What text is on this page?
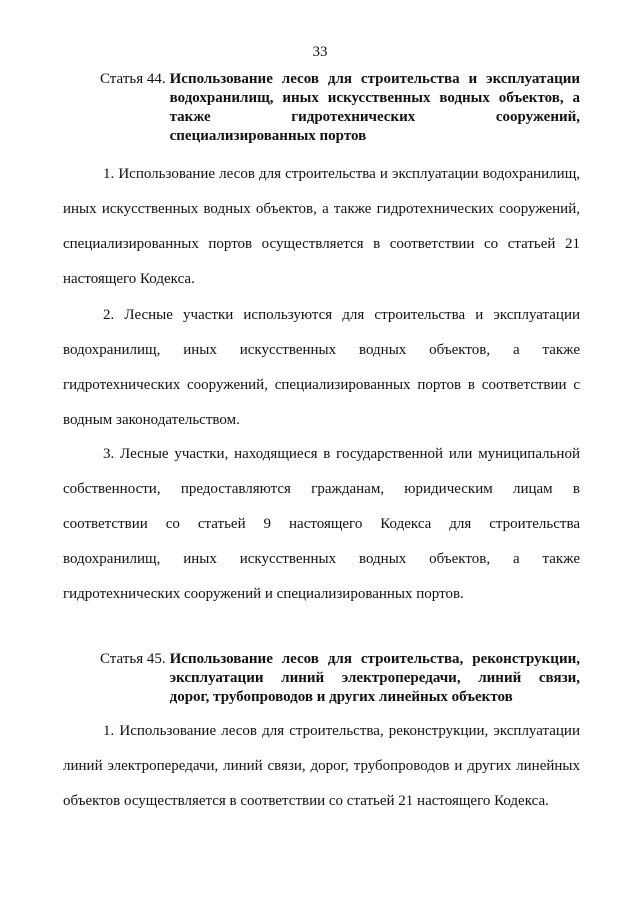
33
Статья 44. Использование лесов для строительства и эксплуатации
водохранилищ, иных искусственных водных объектов, а
также гидротехнических сооружений,
специализированных портов
1. Использование лесов для строительства и эксплуатации водохранилищ,
иных искусственных водных объектов, а также гидротехнических сооружений,
специализированных портов осуществляется в соответствии со статьей 21
настоящего Кодекса.
2. Лесные участки используются для строительства и эксплуатации
водохранилищ, иных искусственных водных объектов, а также
гидротехнических сооружений, специализированных портов в соответствии с
водным законодательством.
3. Лесные участки, находящиеся в государственной или муниципальной
собственности, предоставляются гражданам, юридическим лицам в
соответствии со статьей 9 настоящего Кодекса для строительства
водохранилищ, иных искусственных водных объектов, а также
гидротехнических сооружений и специализированных портов.
Статья 45. Использование лесов для строительства, реконструкции,
эксплуатации линий электропередачи, линий связи,
дорог, трубопроводов и других линейных объектов
1. Использование лесов для строительства, реконструкции, эксплуатации
линий электропередачи, линий связи, дорог, трубопроводов и других линейных
объектов осуществляется в соответствии со статьей 21 настоящего Кодекса.
